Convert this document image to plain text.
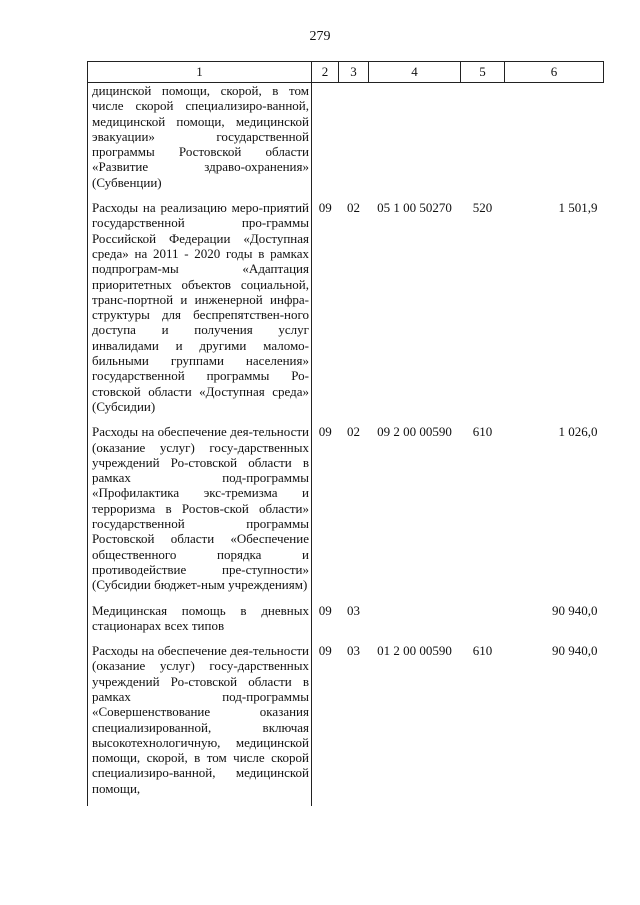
279
1	2	3	4	5	6
дицинской помощи, скорой, в том числе скорой специализиро-ванной, медицинской помощи, медицинской эвакуации» государственной программы Ростовской области «Развитие здраво-охранения» (Субвенции)					
Расходы на реализацию меро-приятий государственной про-граммы Российской Федерации «Доступная среда» на 2011 - 2020 годы в рамках подпрограм-мы «Адаптация приоритетных объектов социальной, транс-портной и инженерной инфра-структуры для беспрепятствен-ного доступа и получения услуг инвалидами и другими маломо-бильными группами населения» государственной программы Ро-стовской области «Доступная среда» (Субсидии)	09	02	05 1 00 50270	520	1 501,9
Расходы на обеспечение дея-тельности (оказание услуг) госу-дарственных учреждений Ро-стовской области в рамках под-программы «Профилактика экс-тремизма и терроризма в Ростов-ской области» государственной программы Ростовской области «Обеспечение общественного порядка и противодействие пре-ступности» (Субсидии бюджет-ным учреждениям)	09	02	09 2 00 00590	610	1 026,0
Медицинская помощь в дневных стационарах всех типов	09	03			90 940,0
Расходы на обеспечение дея-тельности (оказание услуг) госу-дарственных учреждений Ро-стовской области в рамках под-программы «Совершенствование оказания специализированной, включая высокотехнологичную, медицинской помощи, скорой, в том числе скорой специализиро-ванной, медицинской помощи,	09	03	01 2 00 00590	610	90 940,0
